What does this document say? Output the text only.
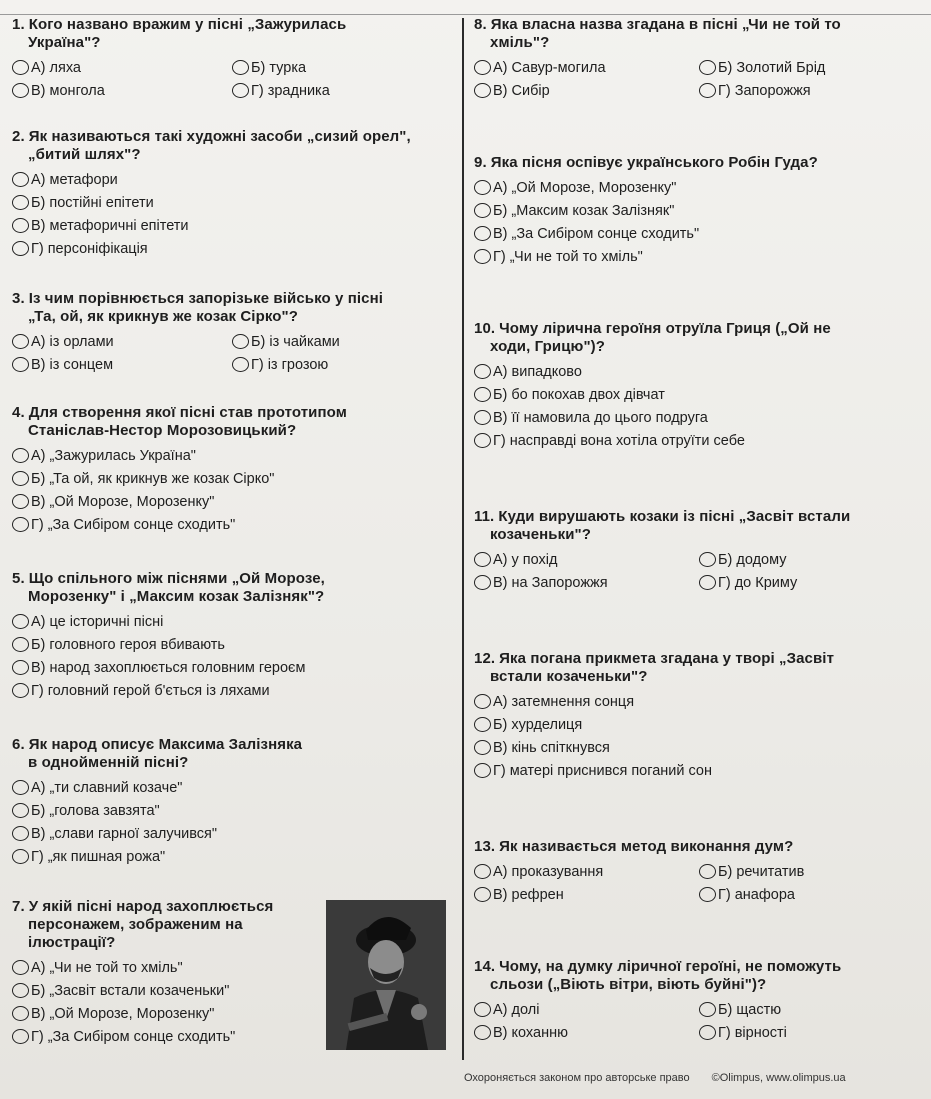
1. Кого названо вражим у пісні „Зажурилась
Україна"?
А) ляха	Б) турка
В) монгола	Г) зрадника
2. Як називаються такі художні засоби „сизий орел",
„битий шлях"?
А) метафори
Б) постійні епітети
В) метафоричні епітети
Г) персоніфікація
3. Із чим порівнюється запорізьке військо у пісні
„Та, ой, як крикнув же козак Сірко"?
А) із орлами	Б) із чайками
В) із сонцем	Г) із грозою
4. Для створення якої пісні став прототипом
Станіслав-Нестор Морозовицький?
А) „Зажурилась Україна"
Б) „Та ой, як крикнув же козак Сірко"
В) „Ой Морозе, Морозенку"
Г) „За Сибіром сонце сходить"
5. Що спільного між піснями „Ой Морозе,
Морозенку" і „Максим козак Залізняк"?
А) це історичні пісні
Б) головного героя вбивають
В) народ захоплюється головним героєм
Г) головний герой б'ється із ляхами
6. Як народ описує Максима Залізняка
в однойменній пісні?
А) „ти славний козаче"
Б) „голова завзята"
В) „слави гарної залучився"
Г) „як пишная рожа"
7. У якій пісні народ захоплюється
персонажем, зображеним на
ілюстрації?
А) „Чи не той то хміль"
Б) „Засвіт встали козаченьки"
В) „Ой Морозе, Морозенку"
Г) „За Сибіром сонце сходить"
8. Яка власна назва згадана в пісні „Чи не той то
хміль"?
А) Савур-могила	Б) Золотий Брід
В) Сибір	Г) Запорожжя
9. Яка пісня оспівує українського Робін Гуда?
А) „Ой Морозе, Морозенку"
Б) „Максим козак Залізняк"
В) „За Сибіром сонце сходить"
Г) „Чи не той то хміль"
10. Чому лірична героїня отруїла Гриця („Ой не
ходи, Грицю")?
А) випадково
Б) бо покохав двох дівчат
В) її намовила до цього подруга
Г) насправді вона хотіла отруїти себе
11. Куди вирушають козаки із пісні „Засвіт встали
козаченьки"?
А) у похід	Б) додому
В) на Запорожжя	Г) до Криму
12. Яка погана прикмета згадана у творі „Засвіт
встали козаченьки"?
А) затемнення сонця
Б) хурделиця
В) кінь спіткнувся
Г) матері приснився поганий сон
13. Як називається метод виконання дум?
А) проказування	Б) речитатив
В) рефрен	Г) анафора
14. Чому, на думку ліричної героїні, не поможуть
сльози („Віють вітри, віють буйні")?
А) долі	Б) щастю
В) коханню	Г) вірності
Охороняється законом про авторське право ©Olimpus, www.olimpus.ua
